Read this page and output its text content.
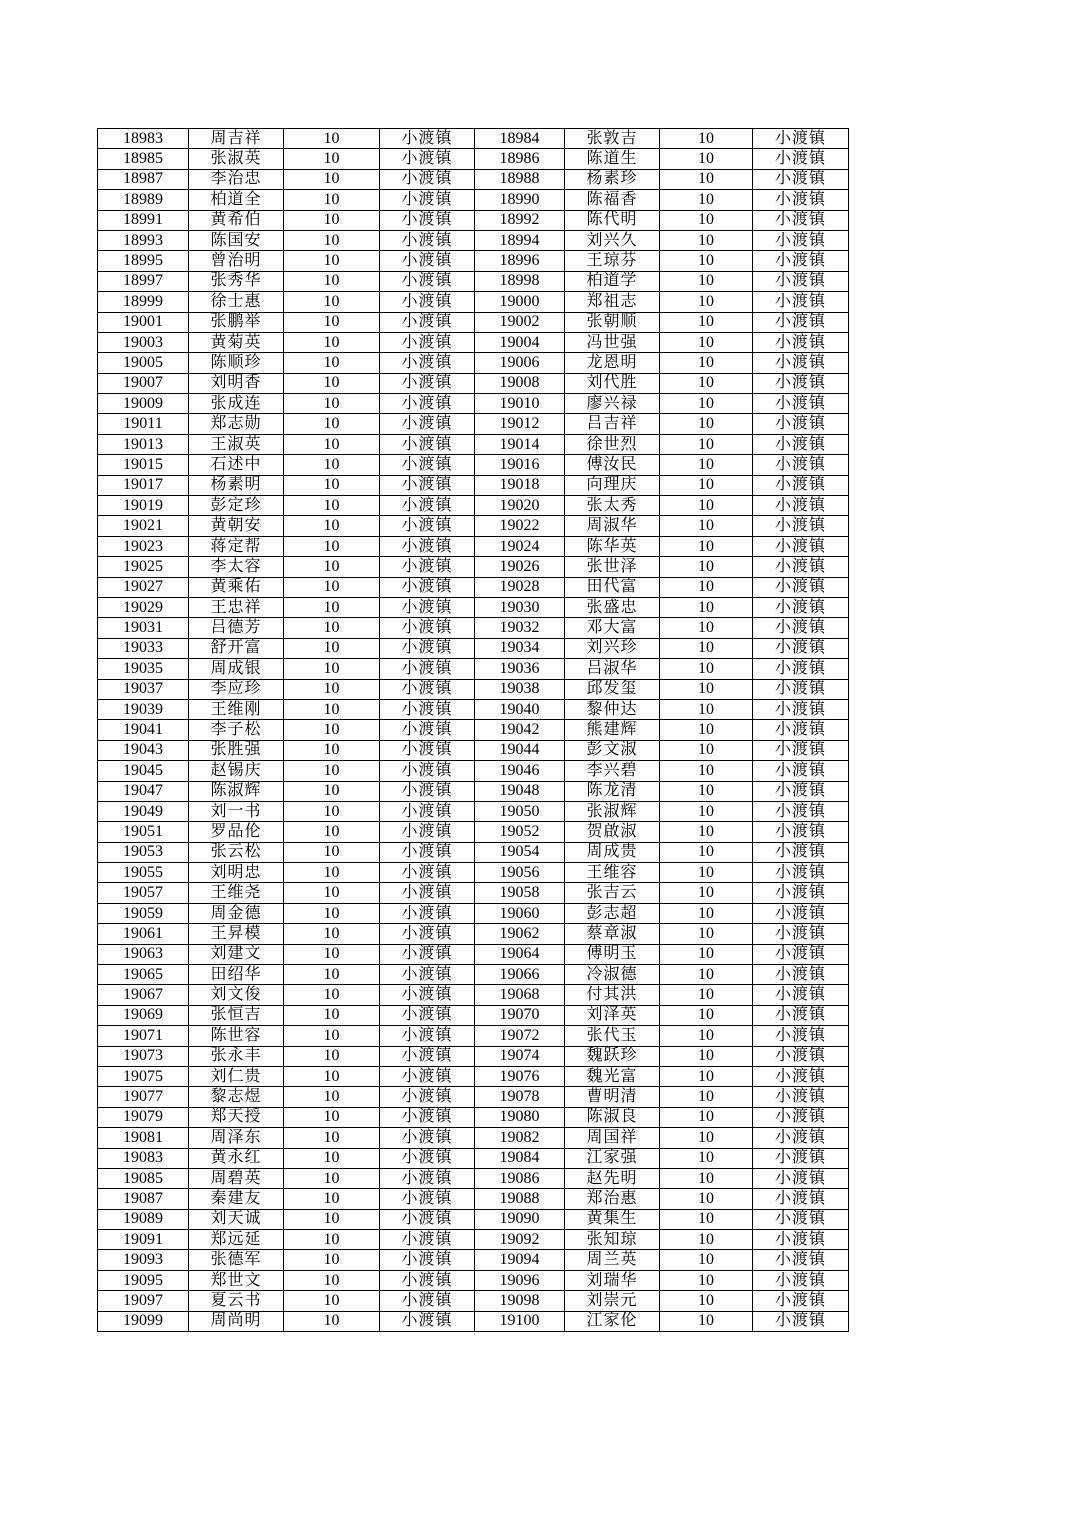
18983	周吉祥	10	小渡镇	18984	张敦吉	10	小渡镇
18985	张淑英	10	小渡镇	18986	陈道生	10	小渡镇
18987	李治忠	10	小渡镇	18988	杨素珍	10	小渡镇
18989	柏道全	10	小渡镇	18990	陈福香	10	小渡镇
18991	黄希伯	10	小渡镇	18992	陈代明	10	小渡镇
18993	陈国安	10	小渡镇	18994	刘兴久	10	小渡镇
18995	曾治明	10	小渡镇	18996	王琼芬	10	小渡镇
18997	张秀华	10	小渡镇	18998	柏道学	10	小渡镇
18999	徐士惠	10	小渡镇	19000	郑祖志	10	小渡镇
19001	张鹏举	10	小渡镇	19002	张朝顺	10	小渡镇
19003	黄菊英	10	小渡镇	19004	冯世强	10	小渡镇
19005	陈顺珍	10	小渡镇	19006	龙恩明	10	小渡镇
19007	刘明香	10	小渡镇	19008	刘代胜	10	小渡镇
19009	张成连	10	小渡镇	19010	廖兴禄	10	小渡镇
19011	郑志勋	10	小渡镇	19012	吕吉祥	10	小渡镇
19013	王淑英	10	小渡镇	19014	徐世烈	10	小渡镇
19015	石述中	10	小渡镇	19016	傅汝民	10	小渡镇
19017	杨素明	10	小渡镇	19018	向理庆	10	小渡镇
19019	彭定珍	10	小渡镇	19020	张太秀	10	小渡镇
19021	黄朝安	10	小渡镇	19022	周淑华	10	小渡镇
19023	蒋定帮	10	小渡镇	19024	陈华英	10	小渡镇
19025	李太容	10	小渡镇	19026	张世泽	10	小渡镇
19027	黄乘佑	10	小渡镇	19028	田代富	10	小渡镇
19029	王忠祥	10	小渡镇	19030	张盛忠	10	小渡镇
19031	吕德芳	10	小渡镇	19032	邓大富	10	小渡镇
19033	舒开富	10	小渡镇	19034	刘兴珍	10	小渡镇
19035	周成银	10	小渡镇	19036	吕淑华	10	小渡镇
19037	李应珍	10	小渡镇	19038	邱发玺	10	小渡镇
19039	王维刚	10	小渡镇	19040	黎仲达	10	小渡镇
19041	李子松	10	小渡镇	19042	熊建辉	10	小渡镇
19043	张胜强	10	小渡镇	19044	彭文淑	10	小渡镇
19045	赵锡庆	10	小渡镇	19046	李兴碧	10	小渡镇
19047	陈淑辉	10	小渡镇	19048	陈龙清	10	小渡镇
19049	刘一书	10	小渡镇	19050	张淑辉	10	小渡镇
19051	罗品伦	10	小渡镇	19052	贺啟淑	10	小渡镇
19053	张云松	10	小渡镇	19054	周成贵	10	小渡镇
19055	刘明忠	10	小渡镇	19056	王维容	10	小渡镇
19057	王维尧	10	小渡镇	19058	张吉云	10	小渡镇
19059	周金德	10	小渡镇	19060	彭志超	10	小渡镇
19061	王昇模	10	小渡镇	19062	蔡章淑	10	小渡镇
19063	刘建文	10	小渡镇	19064	傅明玉	10	小渡镇
19065	田绍华	10	小渡镇	19066	冷淑德	10	小渡镇
19067	刘文俊	10	小渡镇	19068	付其洪	10	小渡镇
19069	张恒吉	10	小渡镇	19070	刘泽英	10	小渡镇
19071	陈世容	10	小渡镇	19072	张代玉	10	小渡镇
19073	张永丰	10	小渡镇	19074	魏跃珍	10	小渡镇
19075	刘仁贵	10	小渡镇	19076	魏光富	10	小渡镇
19077	黎志煜	10	小渡镇	19078	曹明清	10	小渡镇
19079	郑天授	10	小渡镇	19080	陈淑良	10	小渡镇
19081	周泽东	10	小渡镇	19082	周国祥	10	小渡镇
19083	黄永红	10	小渡镇	19084	江家强	10	小渡镇
19085	周碧英	10	小渡镇	19086	赵先明	10	小渡镇
19087	秦建友	10	小渡镇	19088	郑治惠	10	小渡镇
19089	刘天诚	10	小渡镇	19090	黄集生	10	小渡镇
19091	郑远延	10	小渡镇	19092	张知琼	10	小渡镇
19093	张德军	10	小渡镇	19094	周兰英	10	小渡镇
19095	郑世文	10	小渡镇	19096	刘瑞华	10	小渡镇
19097	夏云书	10	小渡镇	19098	刘崇元	10	小渡镇
19099	周尚明	10	小渡镇	19100	江家伦	10	小渡镇
